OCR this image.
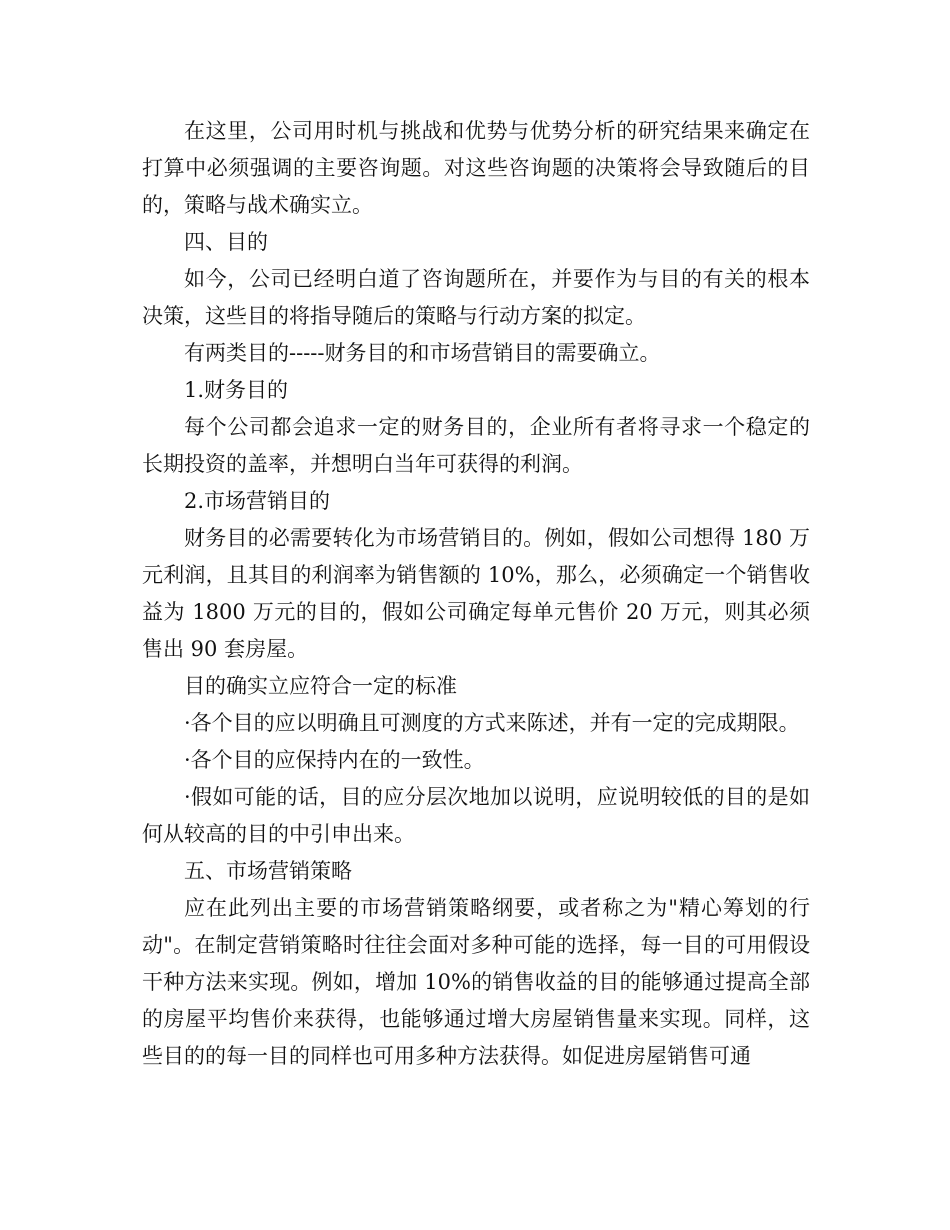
在这里，公司用时机与挑战和优势与优势分析的研究结果来确定在打算中必须强调的主要咨询题。对这些咨询题的决策将会导致随后的目的，策略与战术确实立。

四、目的

如今，公司已经明白道了咨询题所在，并要作为与目的有关的根本决策，这些目的将指导随后的策略与行动方案的拟定。

有两类目的-----财务目的和市场营销目的需要确立。

1.财务目的

每个公司都会追求一定的财务目的，企业所有者将寻求一个稳定的长期投资的盖率，并想明白当年可获得的利润。

2.市场营销目的

财务目的必需要转化为市场营销目的。例如，假如公司想得 180 万元利润，且其目的利润率为销售额的 10%，那么，必须确定一个销售收益为 1800 万元的目的，假如公司确定每单元售价 20 万元，则其必须售出 90 套房屋。

目的确实立应符合一定的标准

·各个目的应以明确且可测度的方式来陈述，并有一定的完成期限。

·各个目的应保持内在的一致性。

·假如可能的话，目的应分层次地加以说明，应说明较低的目的是如何从较高的目的中引申出来。

五、市场营销策略

应在此列出主要的市场营销策略纲要，或者称之为"精心筹划的行动"。在制定营销策略时往往会面对多种可能的选择，每一目的可用假设干种方法来实现。例如，增加 10%的销售收益的目的能够通过提高全部的房屋平均售价来获得，也能够通过增大房屋销售量来实现。同样，这些目的的每一目的同样也可用多种方法获得。如促进房屋销售可通
